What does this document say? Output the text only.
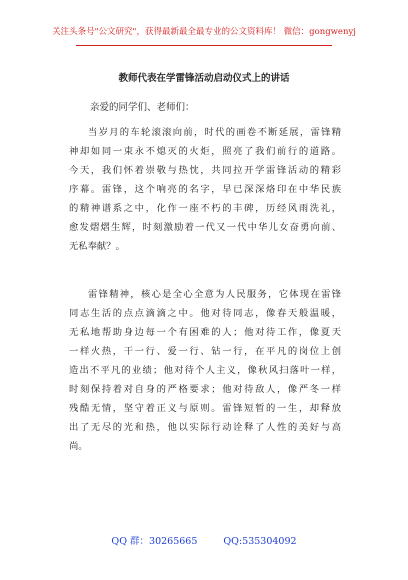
关注头条号"公文研究"，获得最新最全最专业的公文资料库！ 微信：gongwenyj
教师代表在学雷锋活动启动仪式上的讲话
亲爱的同学们、老师们：
当岁月的车轮滚滚向前，时代的画卷不断延展，雷锋精
神却如同一束永不熄灭的火炬，照亮了我们前行的道路。
今天，我们怀着崇敬与热忱，共同拉开学雷锋活动的精彩
序幕。雷锋，这个响亮的名字，早已深深烙印在中华民族
的精神谱系之中，化作一座不朽的丰碑，历经风雨洗礼，
愈发熠熠生辉，时刻激励着一代又一代中华儿女奋勇向前、
无私奉献？。
雷锋精神，核心是全心全意为人民服务，它体现在雷锋
同志生活的点点滴滴之中。他对待同志，像春天般温暖，
无私地帮助身边每一个有困难的人；他对待工作，像夏天
一样火热，干一行、爱一行、钻一行，在平凡的岗位上创
造出不平凡的业绩；他对待个人主义，像秋风扫落叶一样，
时刻保持着对自身的严格要求；他对待敌人，像严冬一样
残酷无情，坚守着正义与原则。雷锋短暂的一生，却释放
出了无尽的光和热，他以实际行动诠释了人性的美好与高
尚。
QQ 群：30265665	QQ:535304092
